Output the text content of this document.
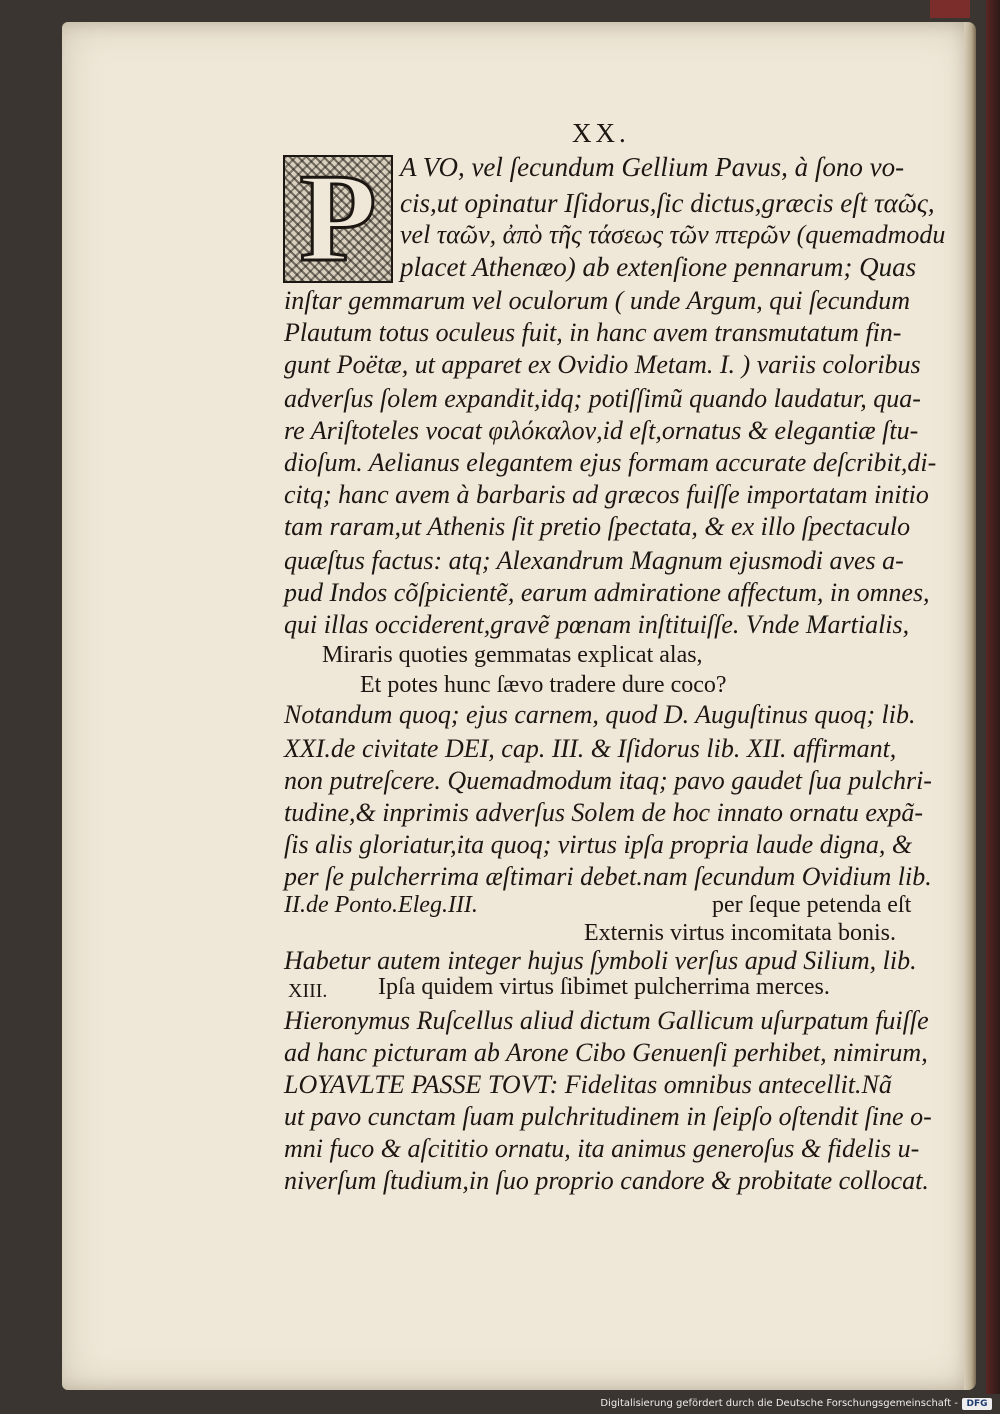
XX.
P A VO, vel ſecundum Gellium Pavus, à ſono vo-
cis,ut opinatur Iſidorus,ſic dictus,græcis eſt ταῶς,
vel ταῶν, ἀπὸ τῆς τάσεως τῶν πτερῶν (quemadmodu
placet Athenæo) ab extenſione pennarum; Quas
inſtar gemmarum vel oculorum ( unde Argum, qui ſecundum
Plautum totus oculeus fuit, in hanc avem transmutatum fin-
gunt Poëtæ, ut apparet ex Ovidio Metam. I. ) variis coloribus
adverſus ſolem expandit,idq; potiſſimũ quando laudatur, qua-
re Ariſtoteles vocat φιλόκαλον,id eſt,ornatus & elegantiæ ſtu-
dioſum. Aelianus elegantem ejus formam accurate deſcribit,di-
citq; hanc avem à barbaris ad græcos fuiſſe importatam initio
tam raram,ut Athenis ſit pretio ſpectata, & ex illo ſpectaculo
quæſtus factus: atq; Alexandrum Magnum ejusmodi aves a-
pud Indos cõſpicientẽ, earum admiratione affectum, in omnes,
qui illas occiderent,gravẽ pœnam inſtituiſſe. Vnde Martialis,
Miraris quoties gemmatas explicat alas,
Et potes hunc ſævo tradere dure coco?
Notandum quoq; ejus carnem, quod D. Auguſtinus quoq; lib.
XXI.de civitate DEI, cap. III. & Iſidorus lib. XII. affirmant,
non putreſcere. Quemadmodum itaq; pavo gaudet ſua pulchri-
tudine,& inprimis adverſus Solem de hoc innato ornatu expã-
ſis alis gloriatur,ita quoq; virtus ipſa propria laude digna, &
per ſe pulcherrima æſtimari debet.nam ſecundum Ovidium lib.
II.de Ponto.Eleg.III.	per ſeque petenda eſt
Externis virtus incomitata bonis.
Habetur autem integer hujus ſymboli verſus apud Silium, lib.
XIII. Ipſa quidem virtus ſibimet pulcherrima merces.
Hieronymus Ruſcellus aliud dictum Gallicum uſurpatum fuiſſe
ad hanc picturam ab Arone Cibo Genuenſi perhibet, nimirum,
LOYAVLTE PASSE TOVT: Fidelitas omnibus antecellit.Nã
ut pavo cunctam ſuam pulchritudinem in ſeipſo oſtendit ſine o-
mni fuco & aſcititio ornatu, ita animus generoſus & fidelis u-
niverſum ſtudium,in ſuo proprio candore & probitate collocat.
Digitalisierung gefördert durch die Deutsche Forschungsgemeinschaft - DFG
